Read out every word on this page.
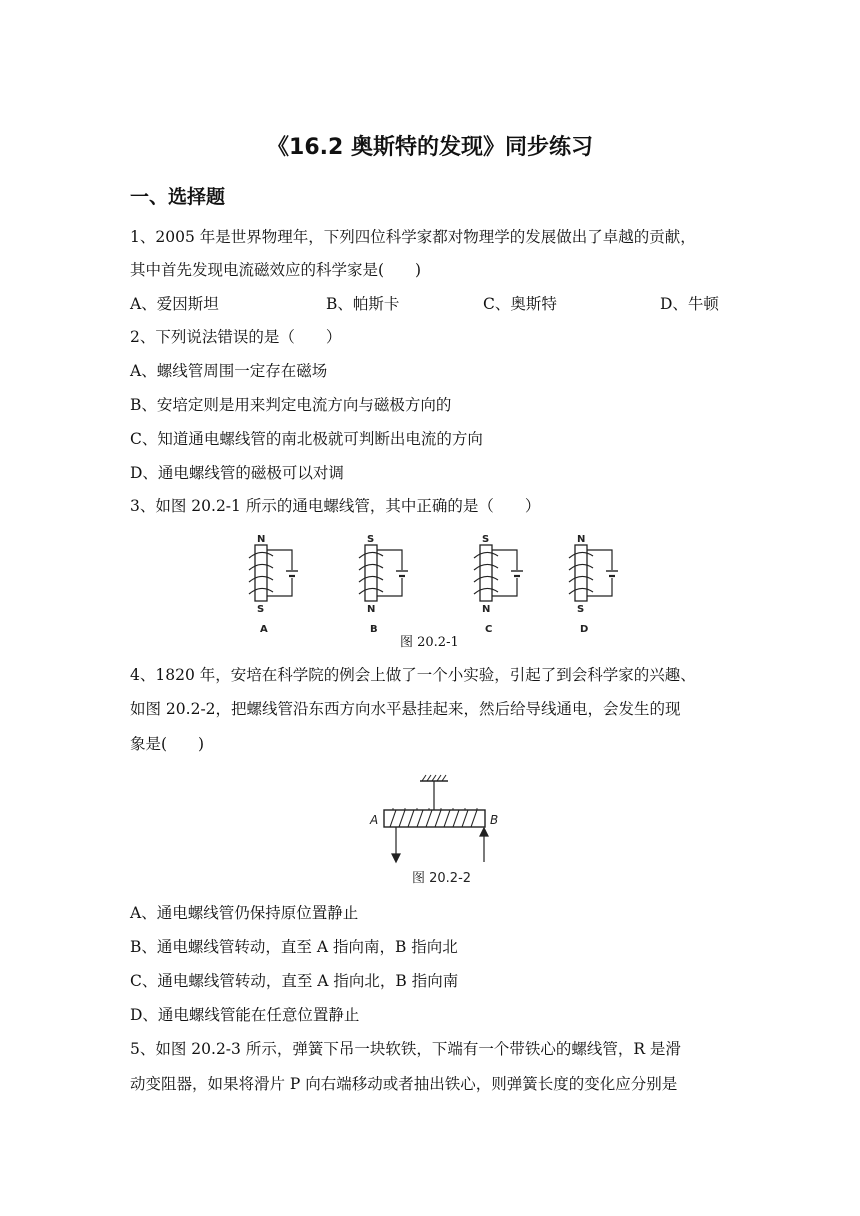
《16.2 奥斯特的发现》同步练习
一、选择题
1、2005 年是世界物理年，下列四位科学家都对物理学的发展做出了卓越的贡献，
其中首先发现电流磁效应的科学家是(　　)
A、爱因斯坦	B、帕斯卡	C、奥斯特	D、牛顿
2、下列说法错误的是（　　）
A、螺线管周围一定存在磁场
B、安培定则是用来判定电流方向与磁极方向的
C、知道通电螺线管的南北极就可判断出电流的方向
D、通电螺线管的磁极可以对调
3、如图 20.2-1 所示的通电螺线管，其中正确的是（　　）
N
S
A
S
N
B
S
N
C
N
S
D
图 20.2-1
4、1820 年，安培在科学院的例会上做了一个小实验，引起了到会科学家的兴趣、
如图 20.2-2，把螺线管沿东西方向水平悬挂起来，然后给导线通电，会发生的现
象是(　　)
A	B
图 20.2-2
A、通电螺线管仍保持原位置静止
B、通电螺线管转动，直至 A 指向南，B 指向北
C、通电螺线管转动，直至 A 指向北，B 指向南
D、通电螺线管能在任意位置静止
5、如图 20.2-3 所示，弹簧下吊一块软铁，下端有一个带铁心的螺线管，R 是滑
动变阻器，如果将滑片 P 向右端移动或者抽出铁心，则弹簧长度的变化应分别是
